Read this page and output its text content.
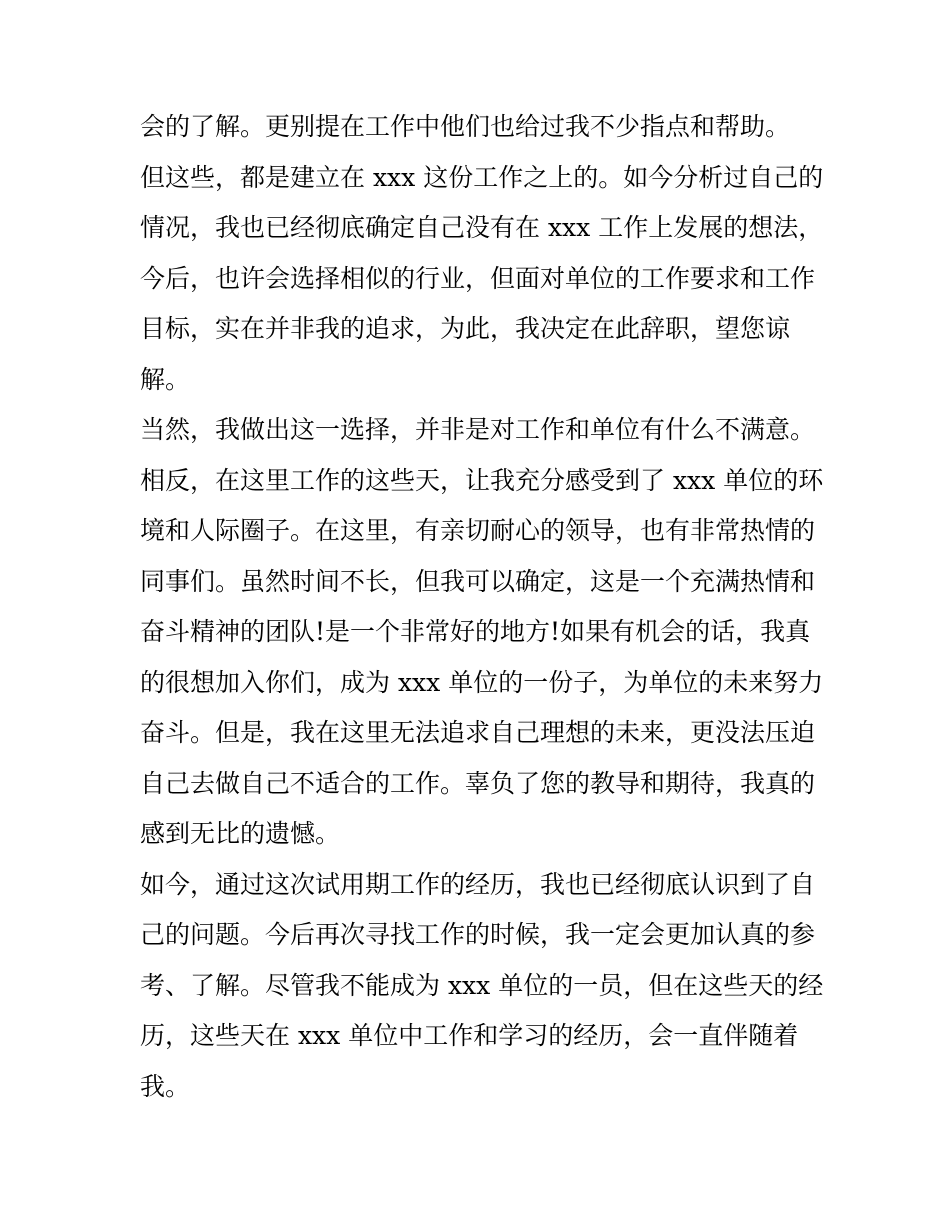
会的了解。更别提在工作中他们也给过我不少指点和帮助。
但这些，都是建立在 xxx 这份工作之上的。如今分析过自己的
情况，我也已经彻底确定自己没有在 xxx 工作上发展的想法，
今后，也许会选择相似的行业，但面对单位的工作要求和工作
目标，实在并非我的追求，为此，我决定在此辞职，望您谅
解。
当然，我做出这一选择，并非是对工作和单位有什么不满意。
相反，在这里工作的这些天，让我充分感受到了 xxx 单位的环
境和人际圈子。在这里，有亲切耐心的领导，也有非常热情的
同事们。虽然时间不长，但我可以确定，这是一个充满热情和
奋斗精神的团队!是一个非常好的地方!如果有机会的话，我真
的很想加入你们，成为 xxx 单位的一份子，为单位的未来努力
奋斗。但是，我在这里无法追求自己理想的未来，更没法压迫
自己去做自己不适合的工作。辜负了您的教导和期待，我真的
感到无比的遗憾。
如今，通过这次试用期工作的经历，我也已经彻底认识到了自
己的问题。今后再次寻找工作的时候，我一定会更加认真的参
考、了解。尽管我不能成为 xxx 单位的一员，但在这些天的经
历，这些天在 xxx 单位中工作和学习的经历，会一直伴随着
我。
